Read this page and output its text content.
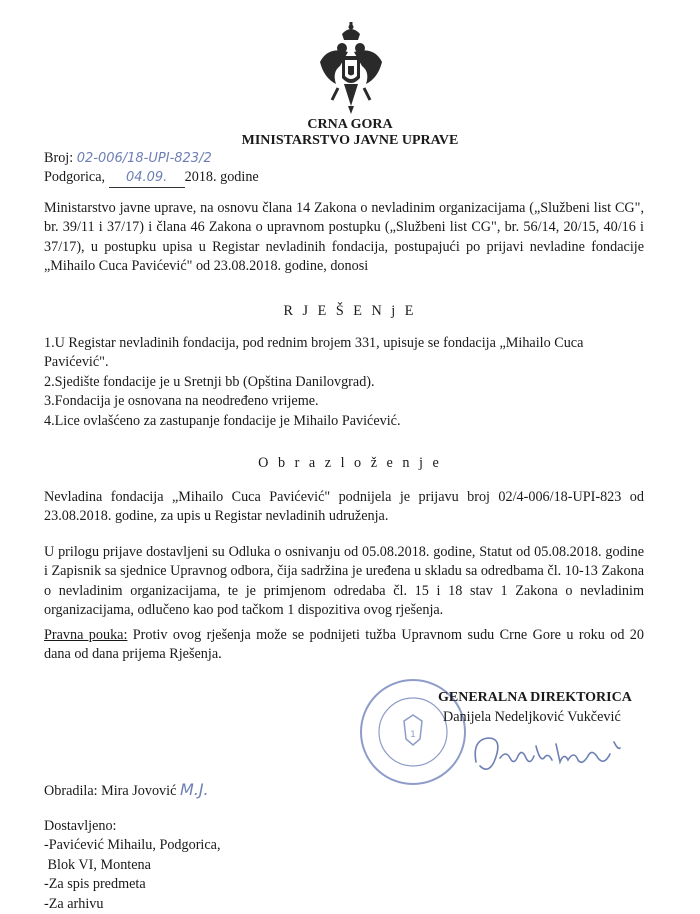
CRNA GORA
MINISTARSTVO JAVNE UPRAVE
Broj: 02-006/18-UPI-823/2
Podgorica, 04.09. 2018. godine
Ministarstvo javne uprave, na osnovu člana 14 Zakona o nevladinim organizacijama („Službeni list CG", br. 39/11 i 37/17) i člana 46 Zakona o upravnom postupku („Službeni list CG", br. 56/14, 20/15, 40/16 i 37/17), u postupku upisa u Registar nevladinih fondacija, postupajući po prijavi nevladine fondacije „Mihailo Cuca Pavićević" od 23.08.2018. godine, donosi
R J E Š E N j E
1.U Registar nevladinih fondacija, pod rednim brojem 331, upisuje se fondacija „Mihailo Cuca Pavićević".
2.Sjedište fondacije je u Sretnji bb (Opština Danilovgrad).
3.Fondacija je osnovana na neodređeno vrijeme.
4.Lice ovlašćeno za zastupanje fondacije je Mihailo Pavićević.
O b r a z l o ž e n j e
Nevladina fondacija „Mihailo Cuca Pavićević" podnijela je prijavu broj 02/4-006/18-UPI-823 od 23.08.2018. godine, za upis u Registar nevladinih udruženja.
U prilogu prijave dostavljeni su Odluka o osnivanju od 05.08.2018. godine, Statut od 05.08.2018. godine i Zapisnik sa sjednice Upravnog odbora, čija sadržina je uređena u skladu sa odredbama čl. 10-13 Zakona o nevladinim organizacijama, te je primjenom odredaba čl. 15 i 18 stav 1 Zakona o nevladinim organizacijama, odlučeno kao pod tačkom 1 dispozitiva ovog rješenja.
Pravna pouka: Protiv ovog rješenja može se podnijeti tužba Upravnom sudu Crne Gore u roku od 20 dana od dana prijema Rješenja.
1
GENERALNA DIREKTORICA
Danijela Nedeljković Vukčević
Obradila: Mira Jovović M.J.
Dostavljeno:
-Pavićević Mihailu, Podgorica,
Blok VI, Montena
-Za spis predmeta
-Za arhivu
